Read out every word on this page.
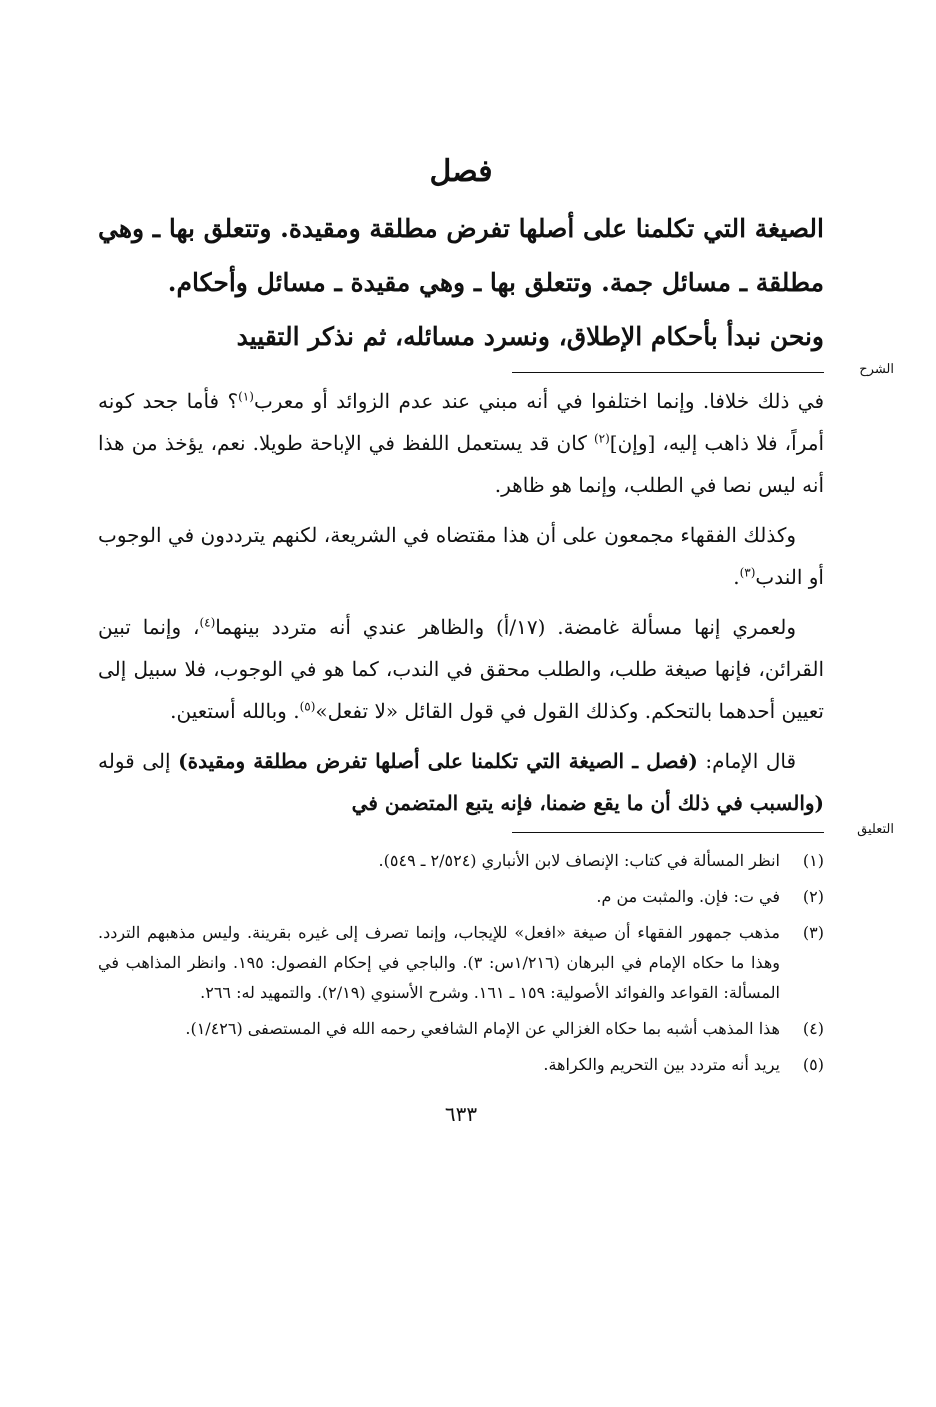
فصل

الصيغة التي تكلمنا على أصلها تفرض مطلقة ومقيدة. وتتعلق بها ـ وهي مطلقة ـ مسائل جمة. وتتعلق بها ـ وهي مقيدة ـ مسائل وأحكام.

ونحن نبدأ بأحكام الإطلاق، ونسرد مسائله، ثم نذكر التقييد

الشرح

في ذلك خلافا. وإنما اختلفوا في أنه مبني عند عدم الزوائد أو معرب$^{(١)}$؟ فأما جحد كونه أمراً، فلا ذاهب إليه، [وإن]$^{(٢)}$ كان قد يستعمل اللفظ في الإباحة طويلا. نعم، يؤخذ من هذا أنه ليس نصا في الطلب، وإنما هو ظاهر.

وكذلك الفقهاء مجمعون على أن هذا مقتضاه في الشريعة، لكنهم يترددون في الوجوب أو الندب$^{(٣)}$.

ولعمري إنها مسألة غامضة. (١٧/أ) والظاهر عندي أنه متردد بينهما$^{(٤)}$، وإنما تبين القرائن، فإنها صيغة طلب، والطلب محقق في الندب، كما هو في الوجوب، فلا سبيل إلى تعيين أحدهما بالتحكم. وكذلك القول في قول القائل «لا تفعل»$^{(٥)}$. وبالله أستعين.

قال الإمام: (فصل ـ الصيغة التي تكلمنا على أصلها تفرض مطلقة ومقيدة) إلى قوله (والسبب في ذلك أن ما يقع ضمنا، فإنه يتبع المتضمن في

التعليق
(١)
انظر المسألة في كتاب: الإنصاف لابن الأنباري (٢/٥٢٤ ـ ٥٤٩).
(٢)
في ت: فإن. والمثبت من م.
(٣)
مذهب جمهور الفقهاء أن صيغة «افعل» للإيجاب، وإنما تصرف إلى غيره بقرينة. وليس مذهبهم التردد. وهذا ما حكاه الإمام في البرهان (١/٢١٦س: ٣). والباجي في إحكام الفصول: ١٩٥. وانظر المذاهب في المسألة: القواعد والفوائد الأصولية: ١٥٩ ـ ١٦١. وشرح الأسنوي (٢/١٩). والتمهيد له: ٢٦٦.
(٤)
هذا المذهب أشبه بما حكاه الغزالي عن الإمام الشافعي رحمه الله في المستصفى (١/٤٢٦).
(٥)
يريد أنه متردد بين التحريم والكراهة.
٦٣٣
